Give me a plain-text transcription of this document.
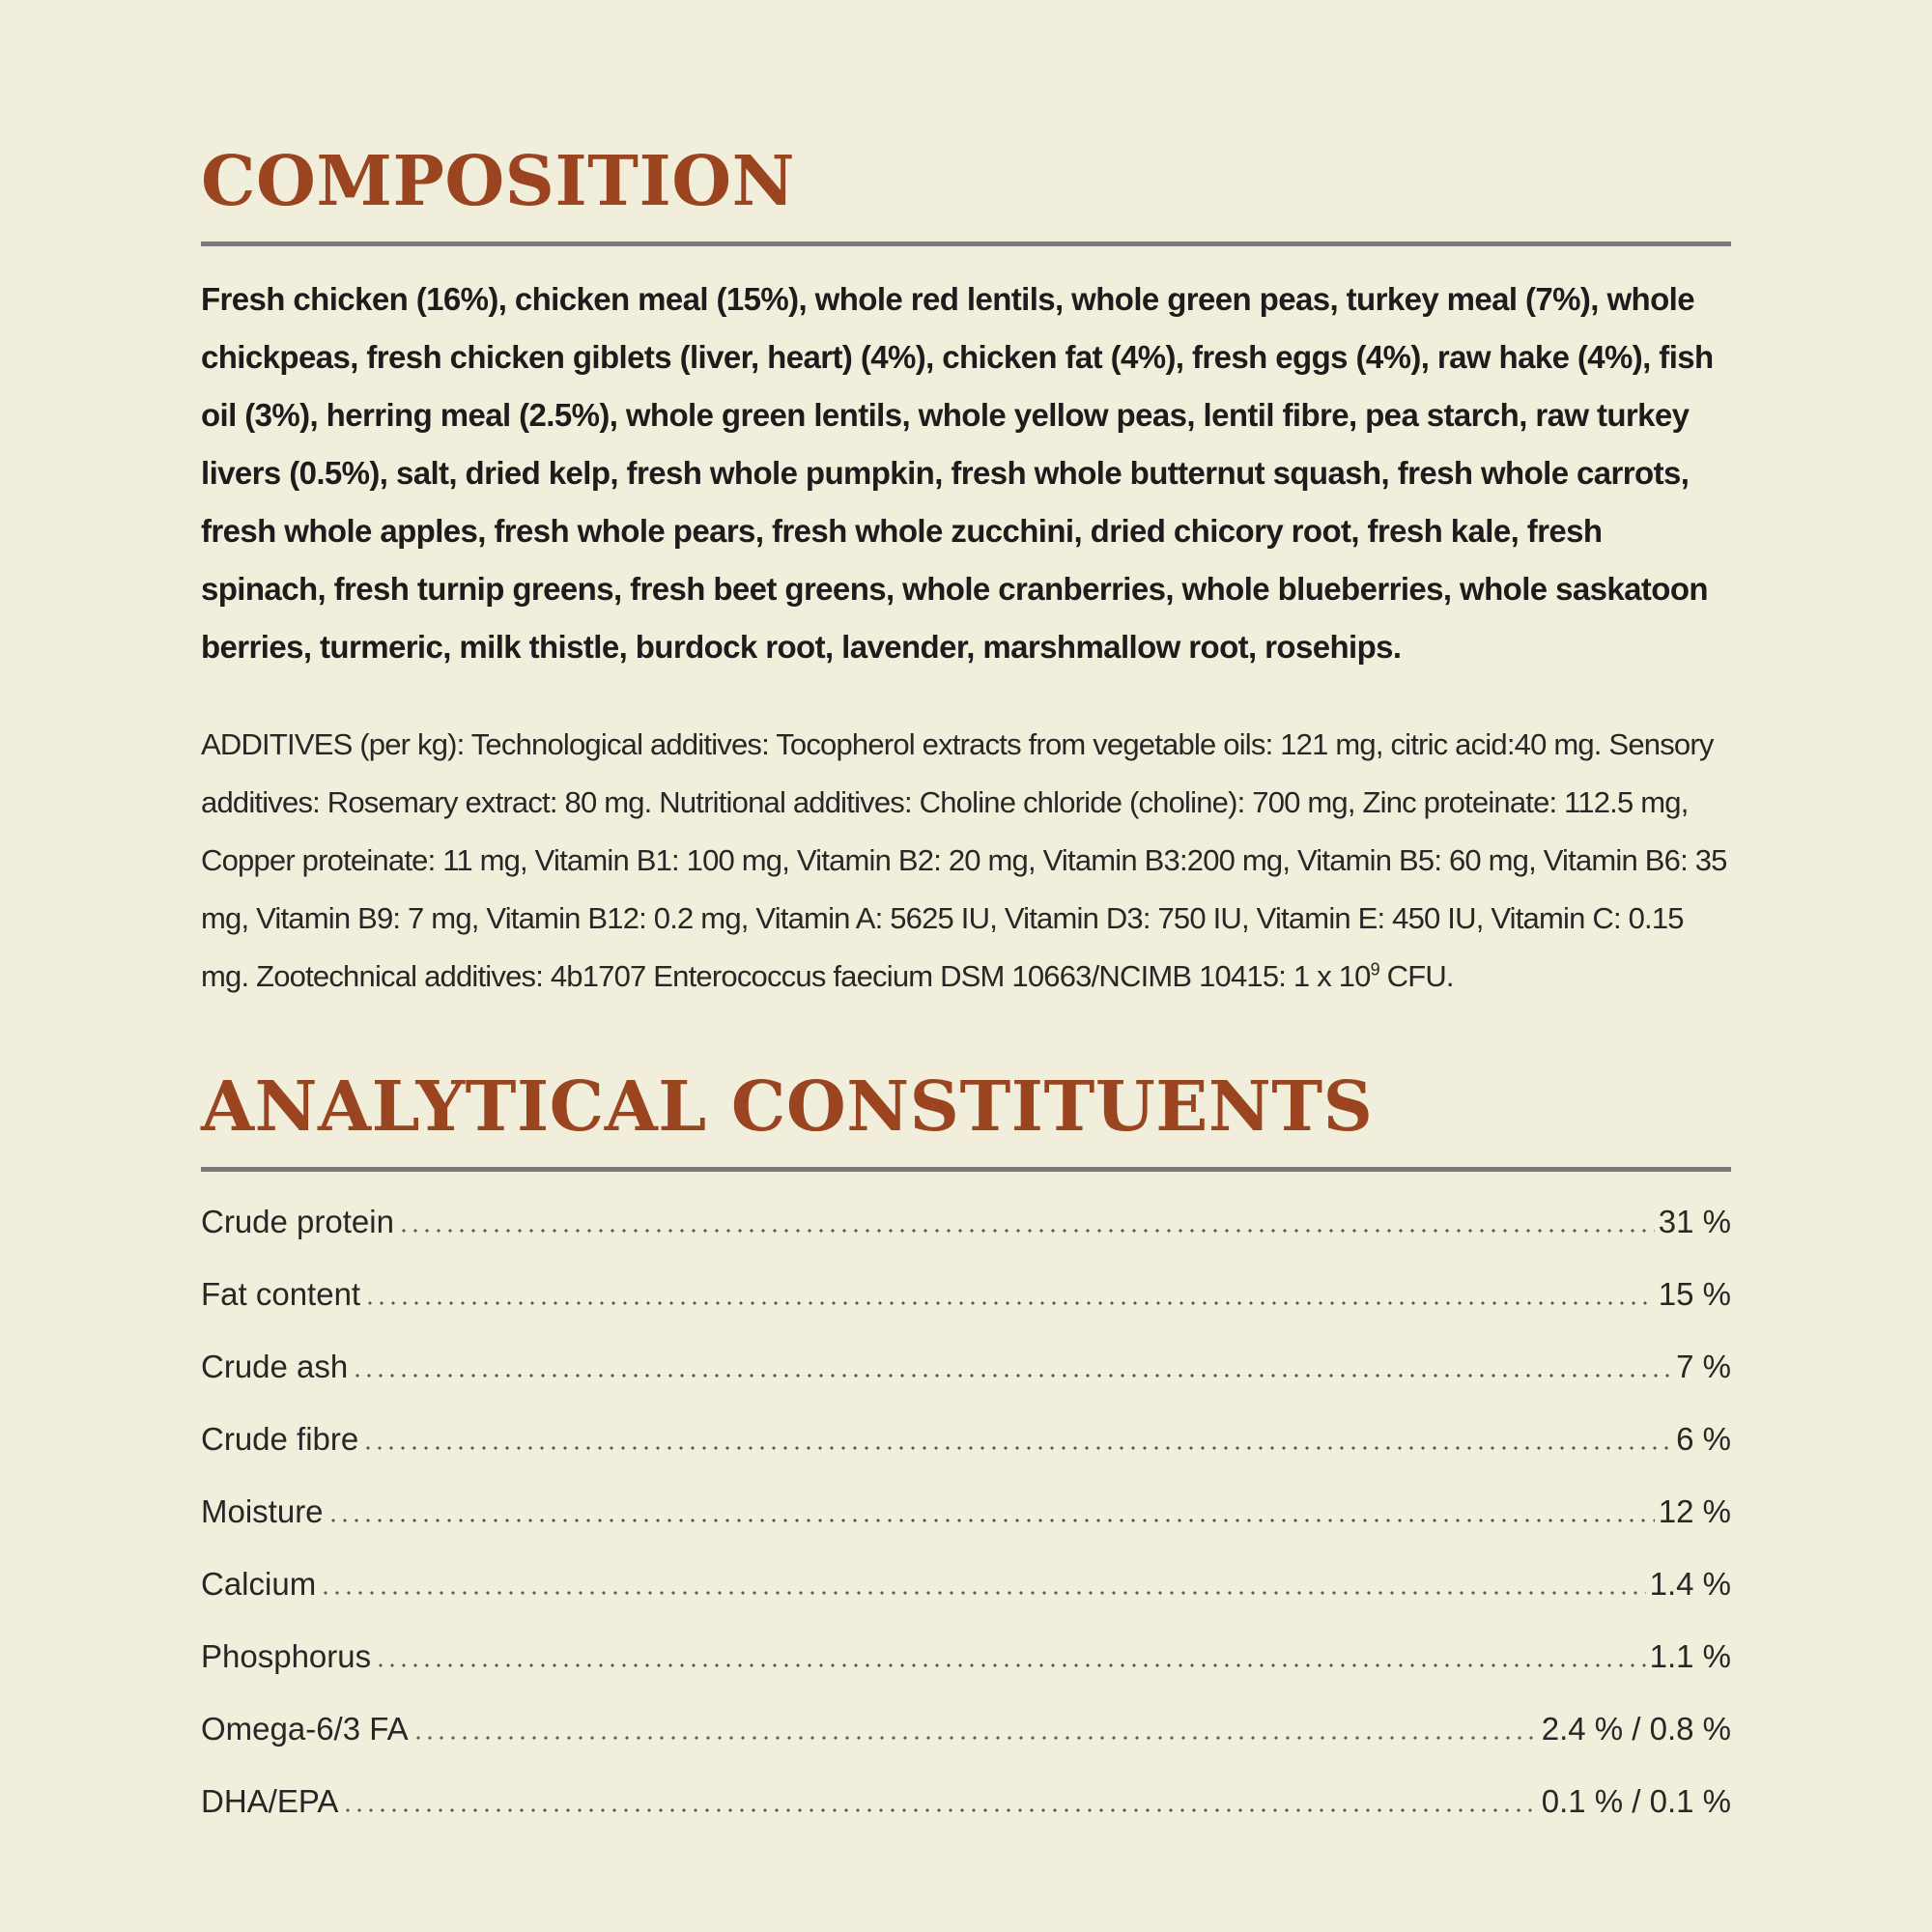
COMPOSITION

Fresh chicken (16%), chicken meal (15%), whole red lentils, whole green peas, turkey meal (7%), whole chickpeas, fresh chicken giblets (liver, heart) (4%), chicken fat (4%), fresh eggs (4%), raw hake (4%), fish oil (3%), herring meal (2.5%), whole green lentils, whole yellow peas, lentil fibre, pea starch, raw turkey livers (0.5%), salt, dried kelp, fresh whole pumpkin, fresh whole butternut squash, fresh whole carrots, fresh whole apples, fresh whole pears, fresh whole zucchini, dried chicory root, fresh kale, fresh spinach, fresh turnip greens, fresh beet greens, whole cranberries, whole blueberries, whole saskatoon berries, turmeric, milk thistle, burdock root, lavender, marshmallow root, rosehips.

ADDITIVES (per kg): Technological additives: Tocopherol extracts from vegetable oils: 121 mg, citric acid:40 mg. Sensory additives: Rosemary extract: 80 mg. Nutritional additives: Choline chloride (choline): 700 mg, Zinc proteinate: 112.5 mg, Copper proteinate: 11 mg, Vitamin B1: 100 mg, Vitamin B2: 20 mg, Vitamin B3:200 mg, Vitamin B5: 60 mg, Vitamin B6: 35 mg, Vitamin B9: 7 mg, Vitamin B12: 0.2 mg, Vitamin A: 5625 IU, Vitamin D3: 750 IU, Vitamin E: 450 IU, Vitamin C: 0.15 mg. Zootechnical additives: 4b1707 Enterococcus faecium DSM 10663/NCIMB 10415: 1 x $10^9$ CFU.

ANALYTICAL CONSTITUENTS
Crude protein	31 %
Fat content	15 %
Crude ash	7 %
Crude fibre	6 %
Moisture	12 %
Calcium	1.4 %
Phosphorus	1.1 %
Omega-6/3 FA	2.4 % / 0.8 %
DHA/EPA	0.1 % / 0.1 %
